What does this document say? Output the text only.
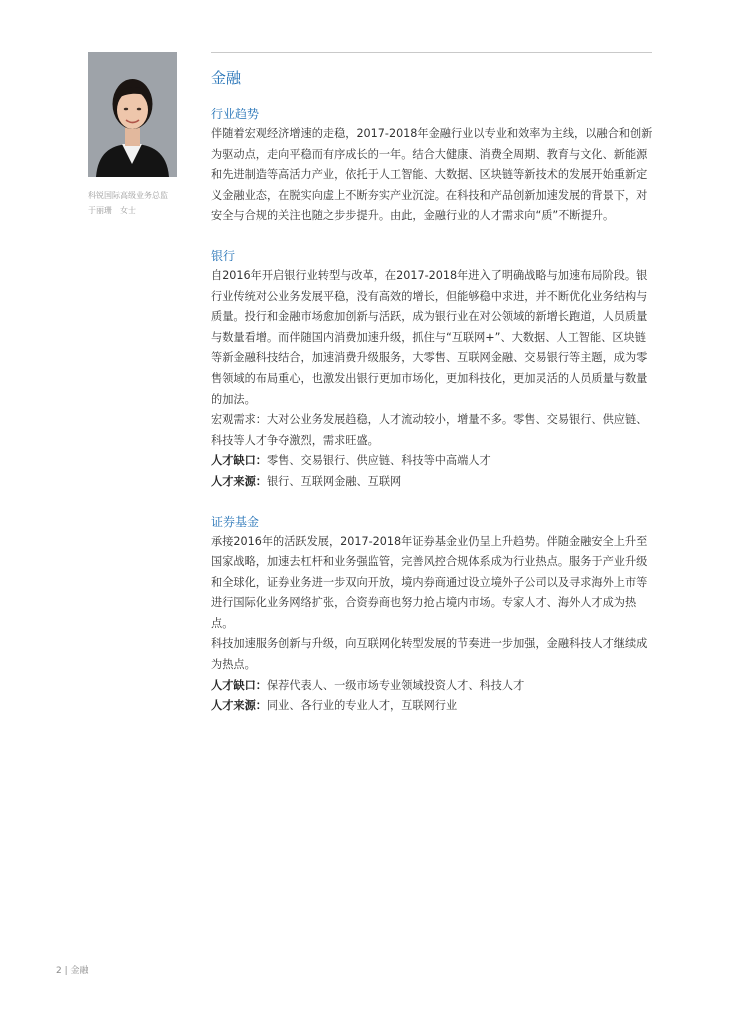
科锐国际高级业务总监
于丽珊　女士
金融
行业趋势
伴随着宏观经济增速的走稳，2017-2018年金融行业以专业和效率为主线，以融合和创新为驱动点，走向平稳而有序成长的一年。结合大健康、消费全周期、教育与文化、新能源和先进制造等高活力产业，依托于人工智能、大数据、区块链等新技术的发展开始重新定义金融业态，在脱实向虚上不断夯实产业沉淀。在科技和产品创新加速发展的背景下，对安全与合规的关注也随之步步提升。由此，金融行业的人才需求向“质”不断提升。
银行
自2016年开启银行业转型与改革，在2017-2018年进入了明确战略与加速布局阶段。银行业传统对公业务发展平稳，没有高效的增长，但能够稳中求进，并不断优化业务结构与质量。投行和金融市场愈加创新与活跃，成为银行业在对公领域的新增长跑道，人员质量与数量看增。而伴随国内消费加速升级，抓住与“互联网+”、大数据、人工智能、区块链等新金融科技结合，加速消费升级服务，大零售、互联网金融、交易银行等主题，成为零售领域的布局重心，也激发出银行更加市场化，更加科技化，更加灵活的人员质量与数量的加法。
宏观需求：大对公业务发展趋稳，人才流动较小，增量不多。零售、交易银行、供应链、科技等人才争夺激烈，需求旺盛。
人才缺口：零售、交易银行、供应链、科技等中高端人才
人才来源：银行、互联网金融、互联网
证券基金
承接2016年的活跃发展，2017-2018年证券基金业仍呈上升趋势。伴随金融安全上升至国家战略，加速去杠杆和业务强监管，完善风控合规体系成为行业热点。服务于产业升级和全球化，证券业务进一步双向开放，境内券商通过设立境外子公司以及寻求海外上市等进行国际化业务网络扩张，合资券商也努力抢占境内市场。专家人才、海外人才成为热点。
科技加速服务创新与升级，向互联网化转型发展的节奏进一步加强，金融科技人才继续成为热点。
人才缺口：保荐代表人、一级市场专业领域投资人才、科技人才
人才来源：同业、各行业的专业人才，互联网行业
2 | 金融
